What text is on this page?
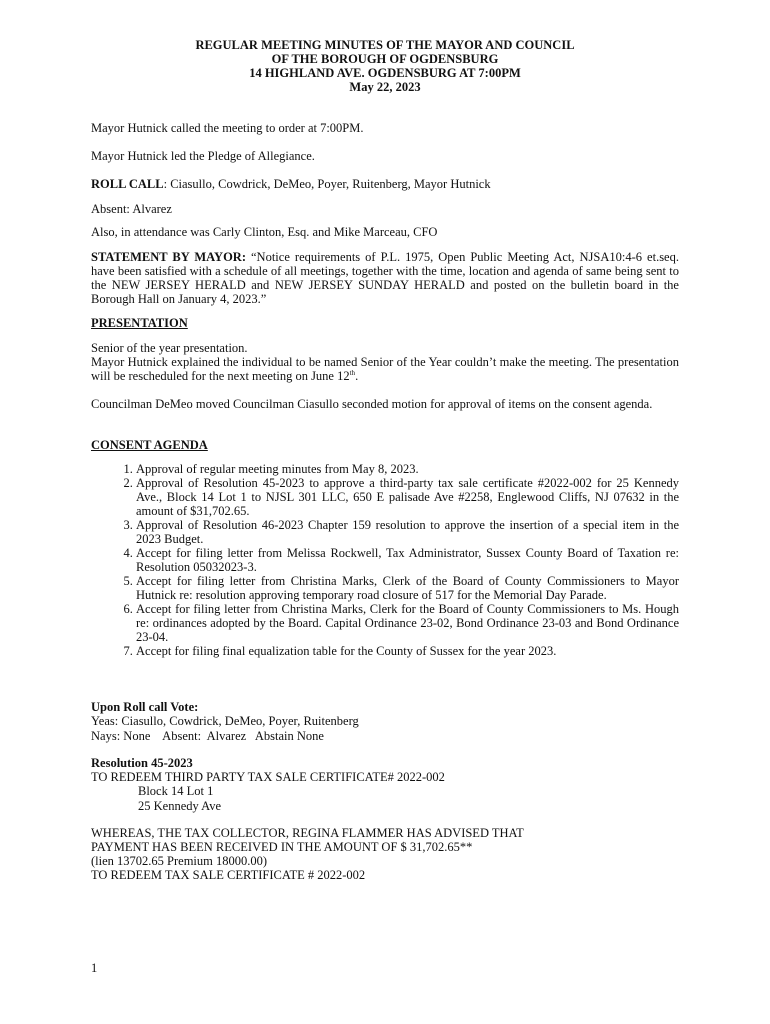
REGULAR MEETING MINUTES OF THE MAYOR AND COUNCIL
OF THE BOROUGH OF OGDENSBURG
14 HIGHLAND AVE. OGDENSBURG AT 7:00PM
May 22, 2023
Mayor Hutnick called the meeting to order at 7:00PM.
Mayor Hutnick led the Pledge of Allegiance.
ROLL CALL: Ciasullo, Cowdrick, DeMeo, Poyer, Ruitenberg, Mayor Hutnick
Absent: Alvarez
Also, in attendance was Carly Clinton, Esq. and Mike Marceau, CFO
STATEMENT BY MAYOR: “Notice requirements of P.L. 1975, Open Public Meeting Act, NJSA10:4-6 et.seq. have been satisfied with a schedule of all meetings, together with the time, location and agenda of same being sent to the NEW JERSEY HERALD and NEW JERSEY SUNDAY HERALD and posted on the bulletin board in the Borough Hall on January 4, 2023.”
PRESENTATION
Senior of the year presentation.
Mayor Hutnick explained the individual to be named Senior of the Year couldn’t make the meeting. The presentation will be rescheduled for the next meeting on June 12th.
Councilman DeMeo moved Councilman Ciasullo seconded motion for approval of items on the consent agenda.
CONSENT AGENDA
1. Approval of regular meeting minutes from May 8, 2023.
2. Approval of Resolution 45-2023 to approve a third-party tax sale certificate #2022-002 for 25 Kennedy Ave., Block 14 Lot 1 to NJSL 301 LLC, 650 E palisade Ave #2258, Englewood Cliffs, NJ 07632 in the amount of $31,702.65.
3. Approval of Resolution 46-2023 Chapter 159 resolution to approve the insertion of a special item in the 2023 Budget.
4. Accept for filing letter from Melissa Rockwell, Tax Administrator, Sussex County Board of Taxation re: Resolution 05032023-3.
5. Accept for filing letter from Christina Marks, Clerk of the Board of County Commissioners to Mayor Hutnick re: resolution approving temporary road closure of 517 for the Memorial Day Parade.
6. Accept for filing letter from Christina Marks, Clerk for the Board of County Commissioners to Ms. Hough re: ordinances adopted by the Board. Capital Ordinance 23-02, Bond Ordinance 23-03 and Bond Ordinance 23-04.
7. Accept for filing final equalization table for the County of Sussex for the year 2023.
Upon Roll call Vote:
Yeas: Ciasullo, Cowdrick, DeMeo, Poyer, Ruitenberg
Nays: None    Absent:  Alvarez   Abstain None
Resolution 45-2023
TO REDEEM THIRD PARTY TAX SALE CERTIFICATE# 2022-002
Block 14 Lot 1
25 Kennedy Ave
WHEREAS, THE TAX COLLECTOR, REGINA FLAMMER HAS ADVISED THAT
PAYMENT HAS BEEN RECEIVED IN THE AMOUNT OF $ 31,702.65**
(lien 13702.65 Premium 18000.00)
TO REDEEM TAX SALE CERTIFICATE # 2022-002
1
